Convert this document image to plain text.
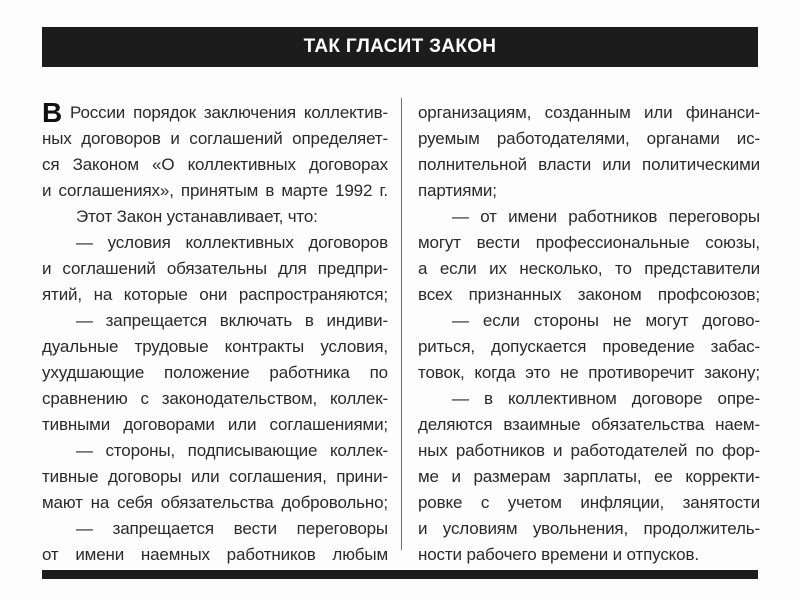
ТАК ГЛАСИТ ЗАКОН
В России порядок заключения коллектив-
ных договоров и соглашений определяет-
ся Законом «О коллективных договорах
и соглашениях», принятым в марте 1992 г.
Этот Закон устанавливает, что:
— условия коллективных договоров
и соглашений обязательны для предпри-
ятий, на которые они распространяются;
— запрещается включать в индиви-
дуальные трудовые контракты условия,
ухудшающие положение работника по
сравнению с законодательством, коллек-
тивными договорами или соглашениями;
— стороны, подписывающие коллек-
тивные договоры или соглашения, прини-
мают на себя обязательства добровольно;
— запрещается вести переговоры
от имени наемных работников любым
организациям, созданным или финанси-
руемым работодателями, органами ис-
полнительной власти или политическими
партиями;
— от имени работников переговоры
могут вести профессиональные союзы,
а если их несколько, то представители
всех признанных законом профсоюзов;
— если стороны не могут догово-
риться, допускается проведение забас-
товок, когда это не противоречит закону;
— в коллективном договоре опре-
деляются взаимные обязательства наем-
ных работников и работодателей по фор-
ме и размерам зарплаты, ее корректи-
ровке с учетом инфляции, занятости
и условиям увольнения, продолжитель-
ности рабочего времени и отпусков.
